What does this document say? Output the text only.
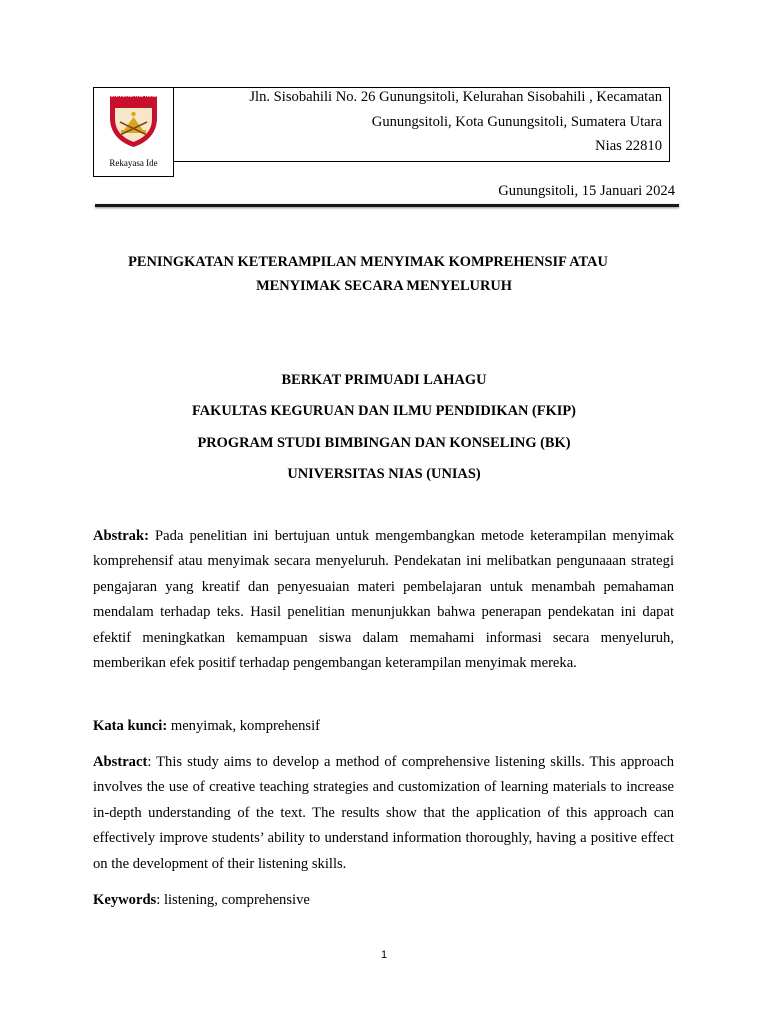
UNIVERSITAS NIAS
Rekayasa Ide
Jln. Sisobahili No. 26 Gunungsitoli, Kelurahan Sisobahili , Kecamatan
Gunungsitoli, Kota Gunungsitoli, Sumatera Utara
Nias 22810
Gunungsitoli, 15 Januari 2024
PENINGKATAN KETERAMPILAN MENYIMAK KOMPREHENSIF ATAU
MENYIMAK SECARA MENYELURUH
BERKAT PRIMUADI LAHAGU
FAKULTAS KEGURUAN DAN ILMU PENDIDIKAN (FKIP)
PROGRAM STUDI BIMBINGAN DAN KONSELING (BK)
UNIVERSITAS NIAS (UNIAS)

Abstrak: Pada penelitian ini bertujuan untuk mengembangkan metode keterampilan menyimak komprehensif atau menyimak secara menyeluruh. Pendekatan ini melibatkan pengunaaan strategi pengajaran yang kreatif dan penyesuaian materi pembelajaran untuk menambah pemahaman mendalam terhadap teks. Hasil penelitian menunjukkan bahwa penerapan pendekatan ini dapat efektif meningkatkan kemampuan siswa dalam memahami informasi secara menyeluruh, memberikan efek positif terhadap pengembangan keterampilan menyimak mereka.

Kata kunci: menyimak, komprehensif

Abstract: This study aims to develop a method of comprehensive listening skills. This approach involves the use of creative teaching strategies and customization of learning materials to increase in-depth understanding of the text. The results show that the application of this approach can effectively improve students’ ability to understand information thoroughly, having a positive effect on the development of their listening skills.

Keywords: listening, comprehensive

1
